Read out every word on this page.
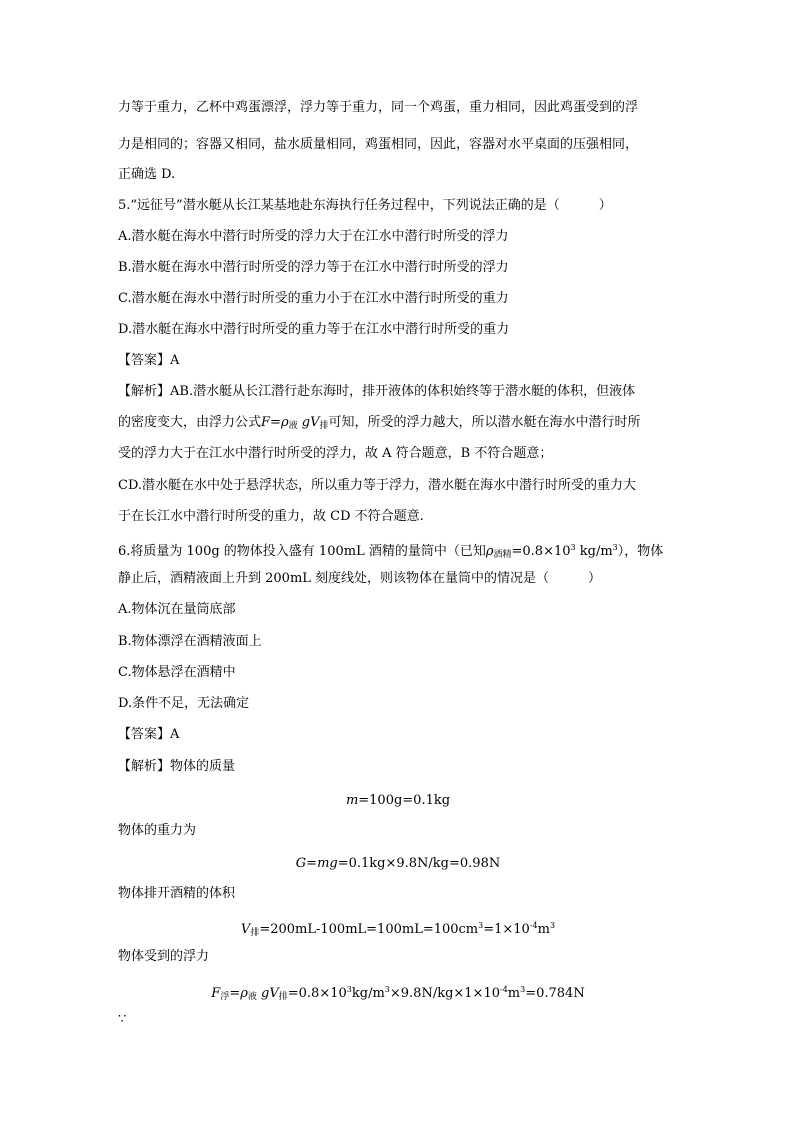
力等于重力，乙杯中鸡蛋漂浮，浮力等于重力，同一个鸡蛋，重力相同，因此鸡蛋受到的浮
力是相同的；容器又相同，盐水质量相同，鸡蛋相同，因此，容器对水平桌面的压强相同，
正确选 D.
5.“远征号”潜水艇从长江某基地赴东海执行任务过程中，下列说法正确的是（　　　）
A.潜水艇在海水中潜行时所受的浮力大于在江水中潜行时所受的浮力
B.潜水艇在海水中潜行时所受的浮力等于在江水中潜行时所受的浮力
C.潜水艇在海水中潜行时所受的重力小于在江水中潜行时所受的重力
D.潜水艇在海水中潜行时所受的重力等于在江水中潜行时所受的重力
【答案】A
【解析】AB.潜水艇从长江潜行赴东海时，排开液体的体积始终等于潜水艇的体积，但液体
的密度变大，由浮力公式$F=\rho_液$ $gV_排$可知，所受的浮力越大，所以潜水艇在海水中潜行时所
受的浮力大于在江水中潜行时所受的浮力，故 A 符合题意，B 不符合题意；
CD.潜水艇在水中处于悬浮状态，所以重力等于浮力，潜水艇在海水中潜行时所受的重力大
于在长江水中潜行时所受的重力，故 CD 不符合题意.
6.将质量为 100g 的物体投入盛有 100mL 酒精的量筒中（已知$\rho_{酒精}=0.8\times 10^3$ $kg/m^3$），物体
静止后，酒精液面上升到 200mL 刻度线处，则该物体在量筒中的情况是（　　　）
A.物体沉在量筒底部
B.物体漂浮在酒精液面上
C.物体悬浮在酒精中
D.条件不足，无法确定
【答案】A
【解析】物体的质量
m=100g=0.1kg
物体的重力为
G=mg=0.1kg×9.8N/kg=0.98N
物体排开酒精的体积
$V_排=200mL-100mL=100mL=100cm^3=1\times 10^{-4}m^3$
物体受到的浮力
$F_浮=\rho_液$ $gV_排=0.8\times 10^3kg/m^3\times 9.8N/kg\times 1\times 10^{-4}m^3=0.784N$
∵
